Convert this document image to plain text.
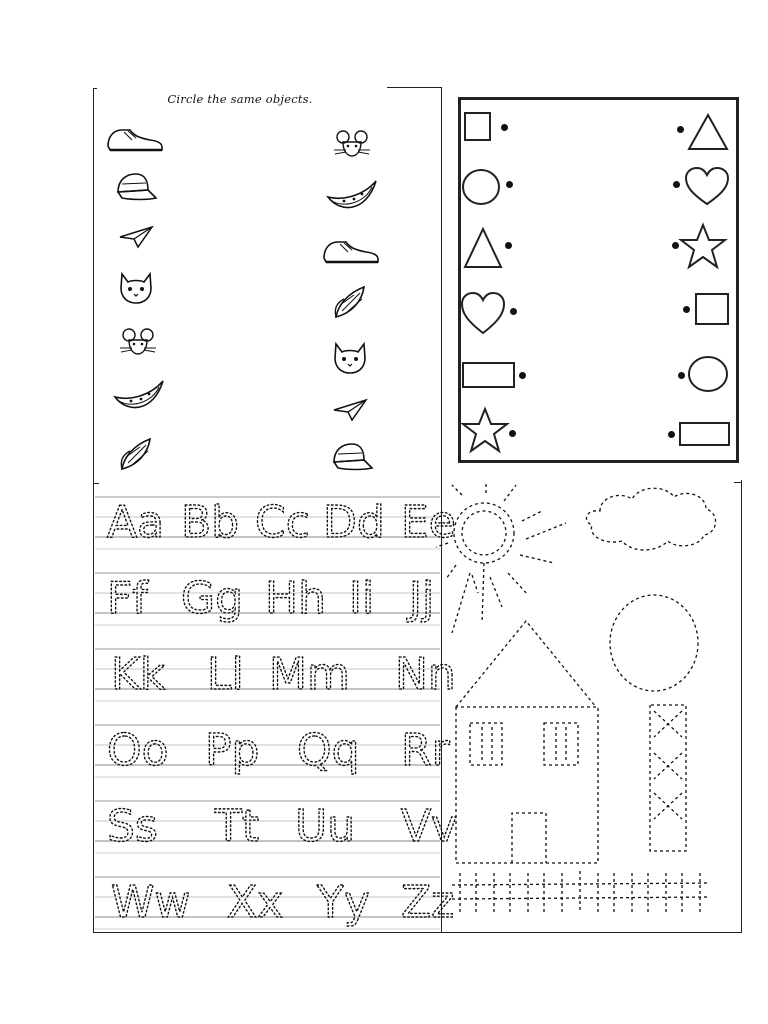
Circle the same objects.
Aa Bb Cc Dd Ee
Ff Gg Hh Ii Jj
Kk Ll Mm Nn
Oo Pp Qq Rr
Ss Tt Uu Vv
Ww Xx Yy Zz
